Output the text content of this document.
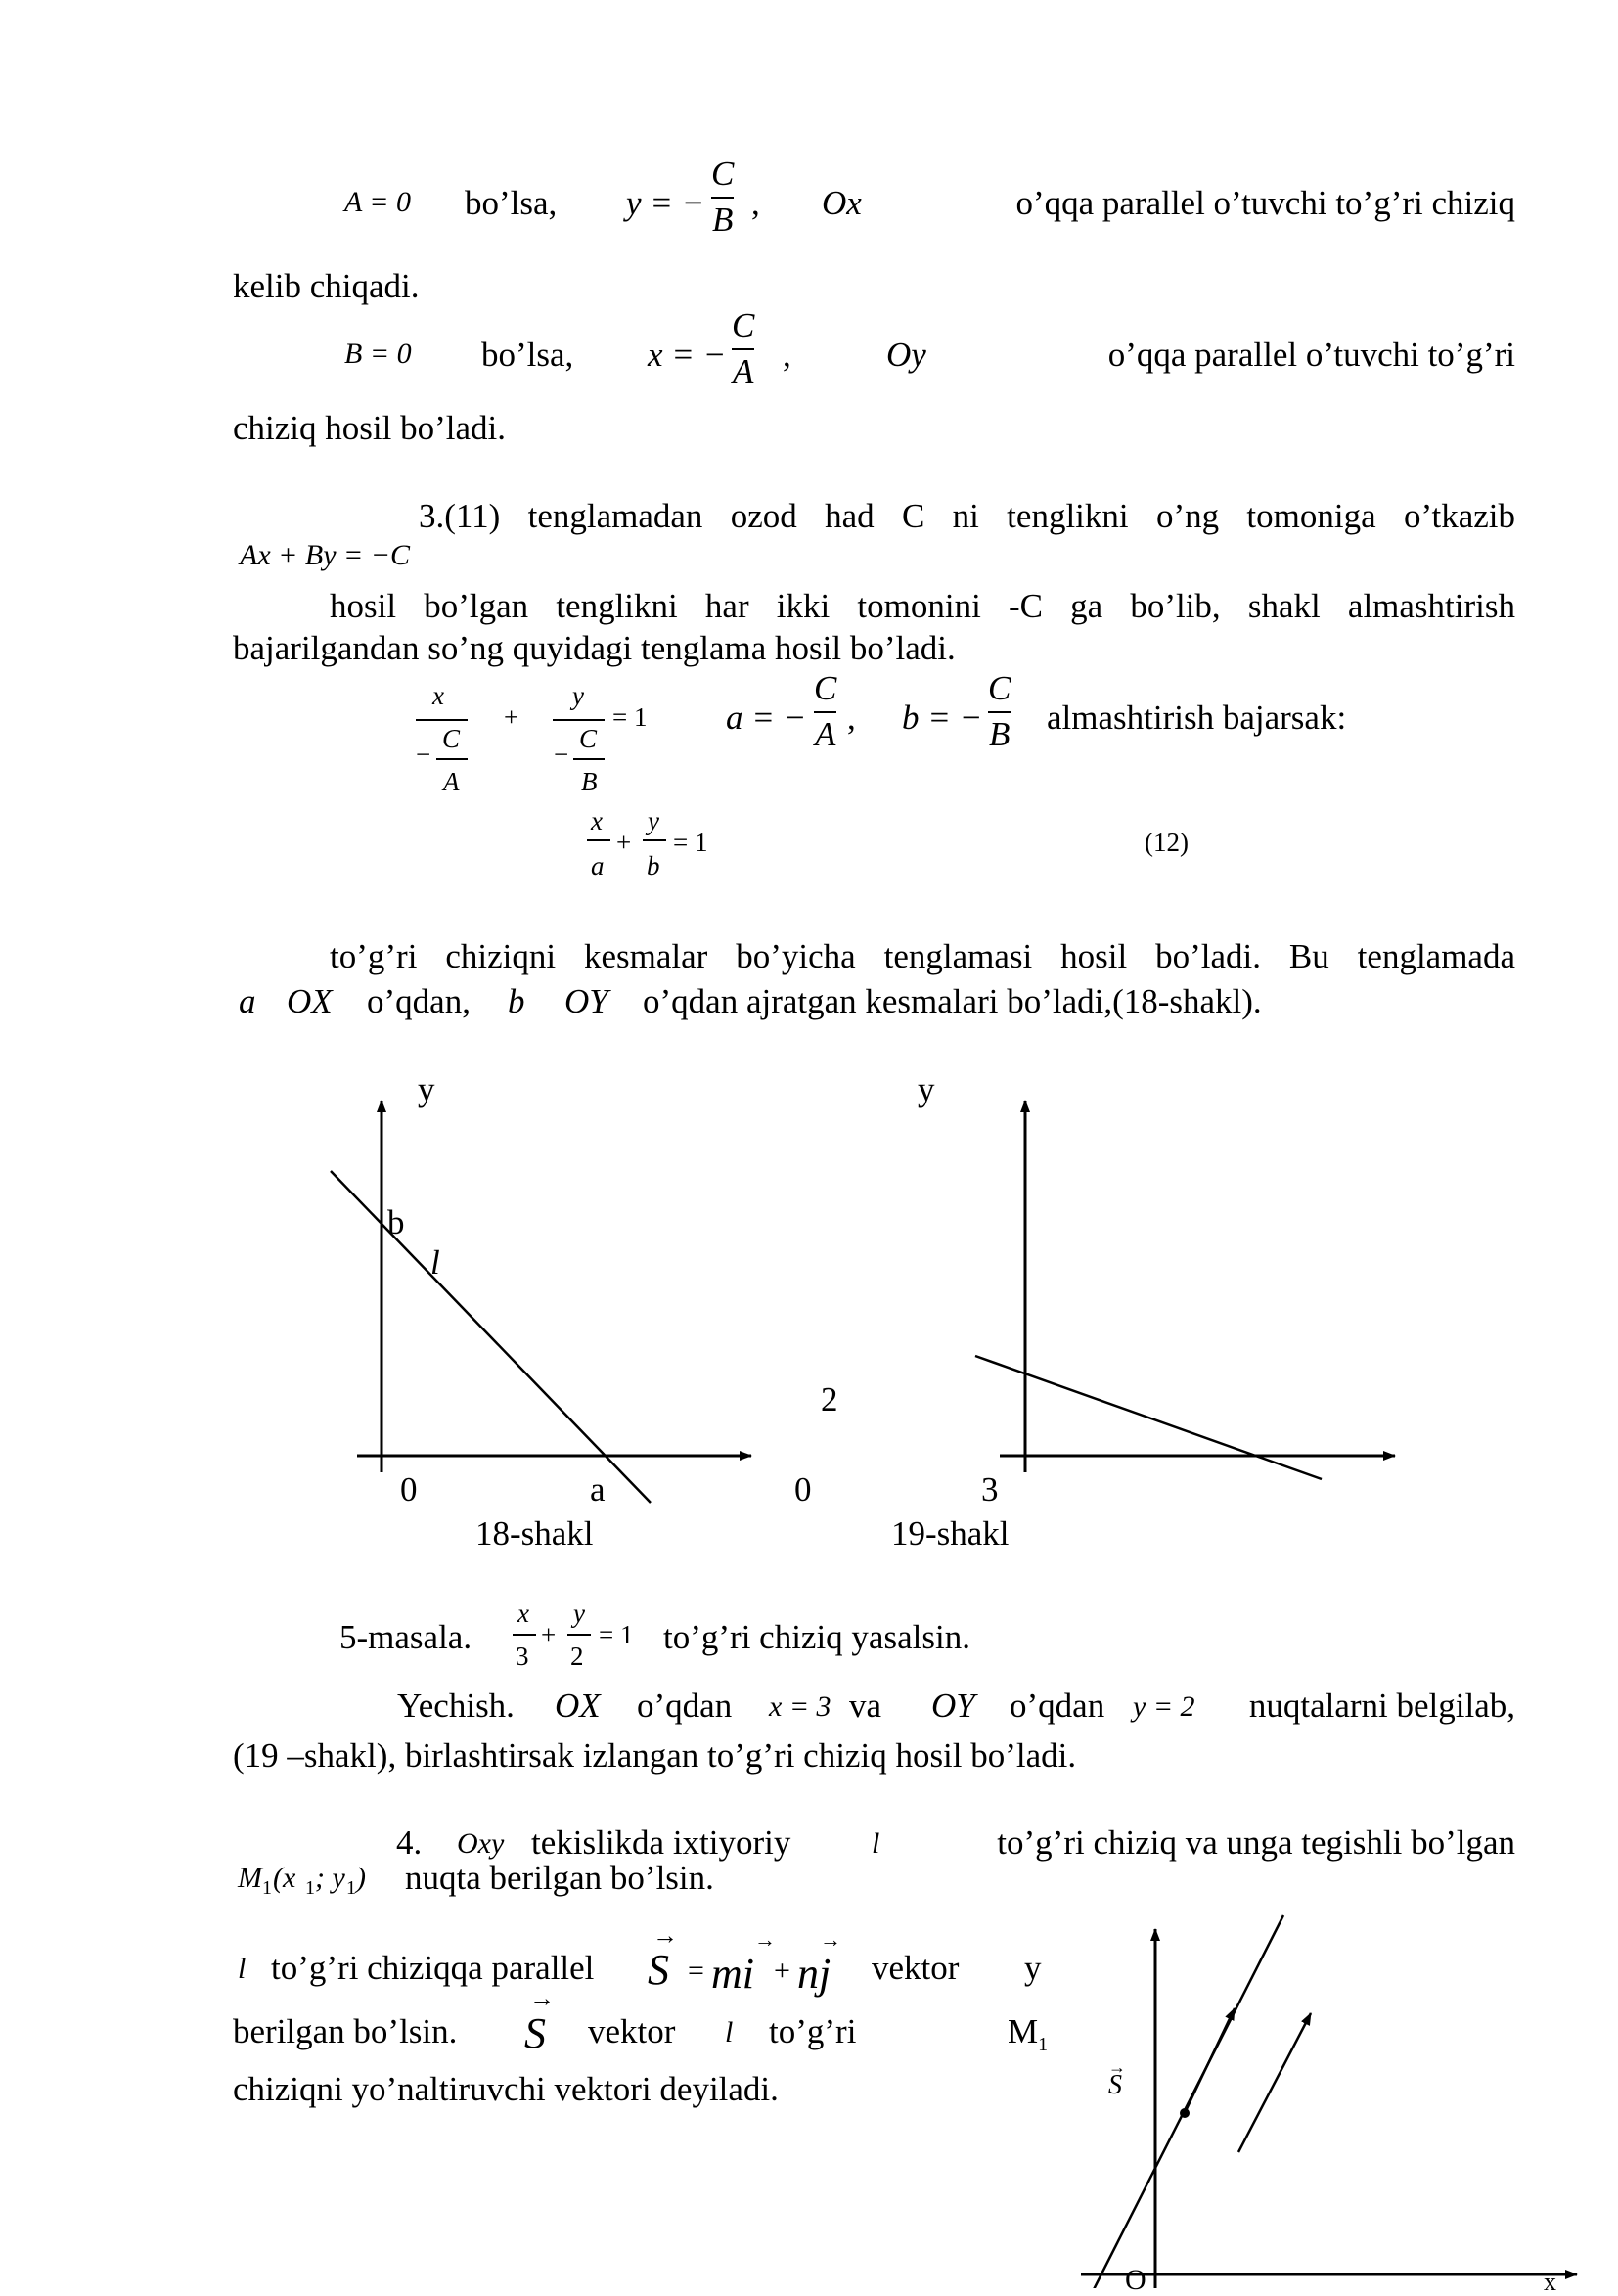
A = 0 bo’lsa, y = −
C
B , Ox	o’qqa parallel o’tuvchi to’g’ri chiziq
kelib chiqadi.
B = 0 bo’lsa, x = −
C
A ,	Oy	o’qqa parallel o’tuvchi to’g’ri
chiziq hosil bo’ladi.
3.(11) tenglamadan ozod had C ni tenglikni o’ng tomoniga o’tkazib
Ax + By = −C
hosil bo’lgan tenglikni har ikki tomonini -C ga bo’lib, shakl almashtirish
bajarilgandan so’ng quyidagi tenglama hosil bo’ladi.
x
−
C
A
+
y
−
C
B
= 1 a = −
C
A , b = −
C
B almashtirish bajarsak:
x
a
+
y
b
= 1	(12)
to’g’ri chiziqni kesmalar bo’yicha tenglamasi hosil bo’ladi. Bu tenglamada
a OX o’qdan, b OY o’qdan ajratgan kesmalari bo’ladi,(18-shakl).
y
b
l
0	a
18-shakl
y
2
0	3
19-shakl
5-masala.
x
3
+
y
2
= 1 to’g’ri chiziq yasalsin.
Yechish. OX o’qdan x = 3 va OY o’qdan y = 2	nuqtalarni belgilab,
(19 –shakl), birlashtirsak izlangan to’g’ri chiziq hosil bo’ladi.
4. Oxy tekislikda ixtiyoriy	l	to’g’ri chiziq va unga tegishli bo’lgan
M 1 (x 1 ; y 1 ) nuqta berilgan bo’lsin.
l to’g’ri chiziqqa parallel
→
S = mi
→
+ nj
→
vektor y
berilgan bo’lsin.
→
S vektor l to’g’ri	$M_1$
chiziqni yo’naltiruvchi vektori deyiladi.
→
S
O	x
